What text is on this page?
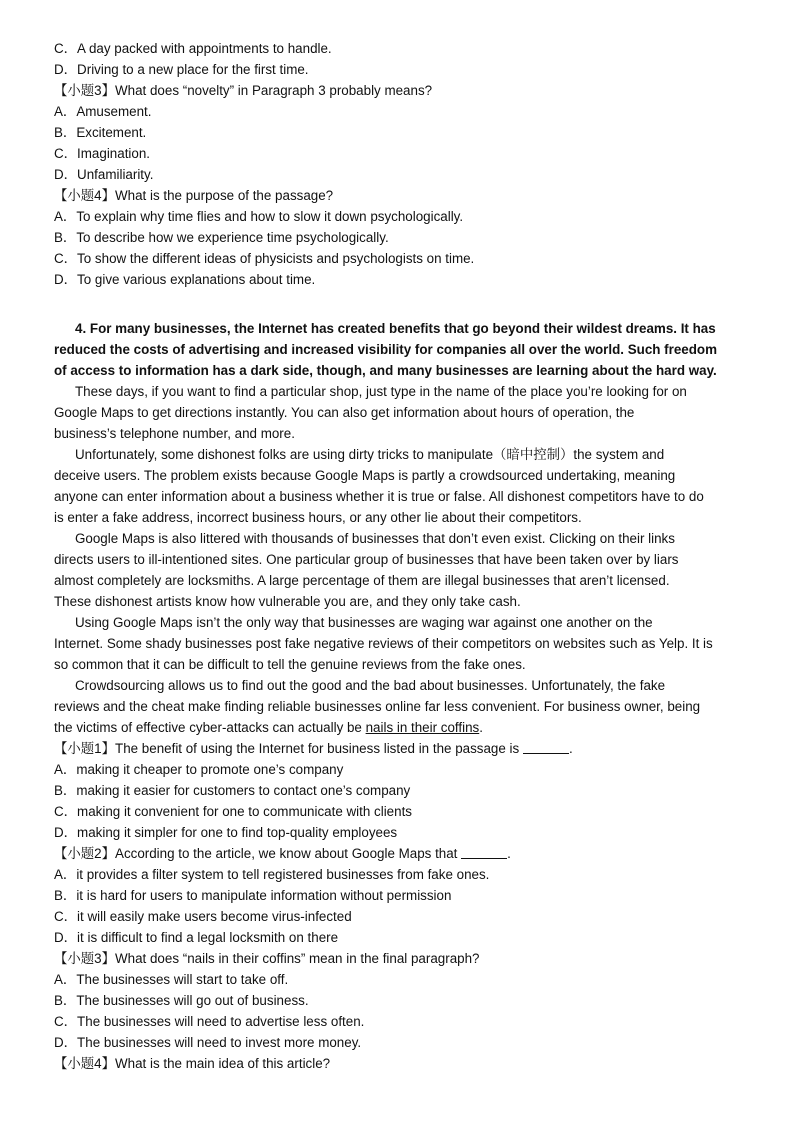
C．A day packed with appointments to handle.
D．Driving to a new place for the first time.
【小题3】What does “novelty” in Paragraph 3 probably means?
A．Amusement.
B．Excitement.
C．Imagination.
D．Unfamiliarity.
【小题4】What is the purpose of the passage?
A．To explain why time flies and how to slow it down psychologically.
B．To describe how we experience time psychologically.
C．To show the different ideas of physicists and psychologists on time.
D．To give various explanations about time.
4. For many businesses, the Internet has created benefits that go beyond their wildest dreams. It has
reduced the costs of advertising and increased visibility for companies all over the world. Such freedom
of access to information has a dark side, though, and many businesses are learning about the hard way.
These days, if you want to find a particular shop, just type in the name of the place you’re looking for on
Google Maps to get directions instantly. You can also get information about hours of operation, the
business’s telephone number, and more.
Unfortunately, some dishonest folks are using dirty tricks to manipulate（暗中控制）the system and
deceive users. The problem exists because Google Maps is partly a crowdsourced undertaking, meaning
anyone can enter information about a business whether it is true or false. All dishonest competitors have to do
is enter a fake address, incorrect business hours, or any other lie about their competitors.
Google Maps is also littered with thousands of businesses that don’t even exist. Clicking on their links
directs users to ill-intentioned sites. One particular group of businesses that have been taken over by liars
almost completely are locksmiths. A large percentage of them are illegal businesses that aren’t licensed.
These dishonest artists know how vulnerable you are, and they only take cash.
Using Google Maps isn’t the only way that businesses are waging war against one another on the
Internet. Some shady businesses post fake negative reviews of their competitors on websites such as Yelp. It is
so common that it can be difficult to tell the genuine reviews from the fake ones.
Crowdsourcing allows us to find out the good and the bad about businesses. Unfortunately, the fake
reviews and the cheat make finding reliable businesses online far less convenient. For business owner, being
the victims of effective cyber-attacks can actually be nails in their coffins.
【小题1】The benefit of using the Internet for business listed in the passage is	.
A．making it cheaper to promote one’s company
B．making it easier for customers to contact one’s company
C．making it convenient for one to communicate with clients
D．making it simpler for one to find top-quality employees
【小题2】According to the article, we know about Google Maps that	.
A．it provides a filter system to tell registered businesses from fake ones.
B．it is hard for users to manipulate information without permission
C．it will easily make users become virus-infected
D．it is difficult to find a legal locksmith on there
【小题3】What does “nails in their coffins” mean in the final paragraph?
A．The businesses will start to take off.
B．The businesses will go out of business.
C．The businesses will need to advertise less often.
D．The businesses will need to invest more money.
【小题4】What is the main idea of this article?
